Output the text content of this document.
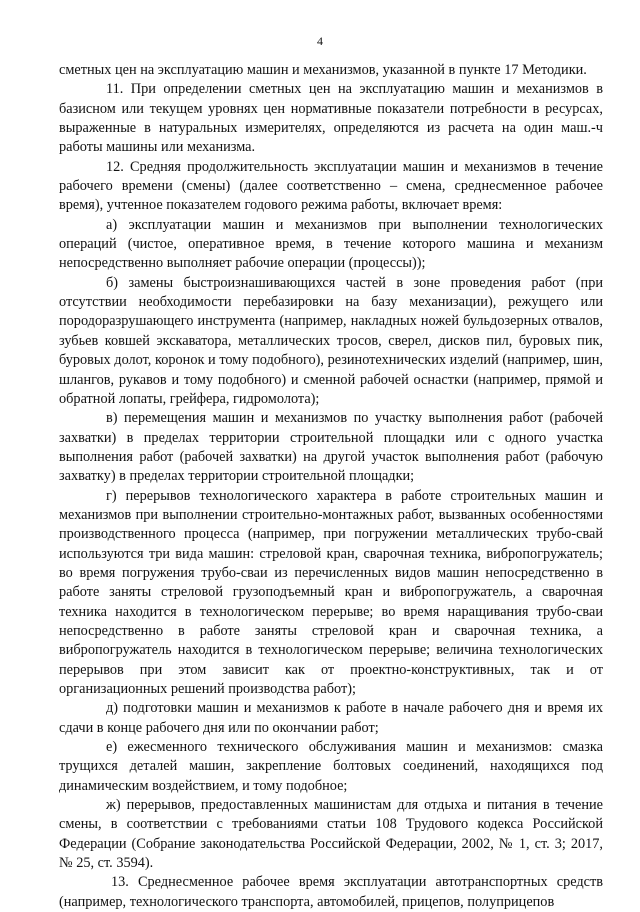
4

сметных цен на эксплуатацию машин и механизмов, указанной в пункте 17 Методики.

11. При определении сметных цен на эксплуатацию машин и механизмов в базисном или текущем уровнях цен нормативные показатели потребности в ресурсах, выраженные в натуральных измерителях, определяются из расчета на один маш.-ч работы машины или механизма.

12. Средняя продолжительность эксплуатации машин и механизмов в течение рабочего времени (смены) (далее соответственно – смена, среднесменное рабочее время), учтенное показателем годового режима работы, включает время:

а) эксплуатации машин и механизмов при выполнении технологических операций (чистое, оперативное время, в течение которого машина и механизм непосредственно выполняет рабочие операции (процессы));

б) замены быстроизнашивающихся частей в зоне проведения работ (при отсутствии необходимости перебазировки на базу механизации), режущего или породоразрушающего инструмента (например, накладных ножей бульдозерных отвалов, зубьев ковшей экскаватора, металлических тросов, сверел, дисков пил, буровых пик, буровых долот, коронок и тому подобного), резинотехнических изделий (например, шин, шлангов, рукавов и тому подобного) и сменной рабочей оснастки (например, прямой и обратной лопаты, грейфера, гидромолота);

в) перемещения машин и механизмов по участку выполнения работ (рабочей захватки) в пределах территории строительной площадки или с одного участка выполнения работ (рабочей захватки) на другой участок выполнения работ (рабочую захватку) в пределах территории строительной площадки;

г) перерывов технологического характера в работе строительных машин и механизмов при выполнении строительно-монтажных работ, вызванных особенностями производственного процесса (например, при погружении металлических трубо-свай используются три вида машин: стреловой кран, сварочная техника, вибропогружатель; во время погружения трубо-сваи из перечисленных видов машин непосредственно в работе заняты стреловой грузоподъемный кран и вибропогружатель, а сварочная техника находится в технологическом перерыве; во время наращивания трубо-сваи непосредственно в работе заняты стреловой кран и сварочная техника, а вибропогружатель находится в технологическом перерыве; величина технологических перерывов при этом зависит как от проектно-конструктивных, так и от организационных решений производства работ);

д) подготовки машин и механизмов к работе в начале рабочего дня и время их сдачи в конце рабочего дня или по окончании работ;

е) ежесменного технического обслуживания машин и механизмов: смазка трущихся деталей машин, закрепление болтовых соединений, находящихся под динамическим воздействием, и тому подобное;

ж) перерывов, предоставленных машинистам для отдыха и питания в течение смены, в соответствии с требованиями статьи 108 Трудового кодекса Российской Федерации (Собрание законодательства Российской Федерации, 2002, № 1, ст. 3; 2017, № 25, ст. 3594).

13. Среднесменное рабочее время эксплуатации автотранспортных средств (например, технологического транспорта, автомобилей, прицепов, полуприцепов
